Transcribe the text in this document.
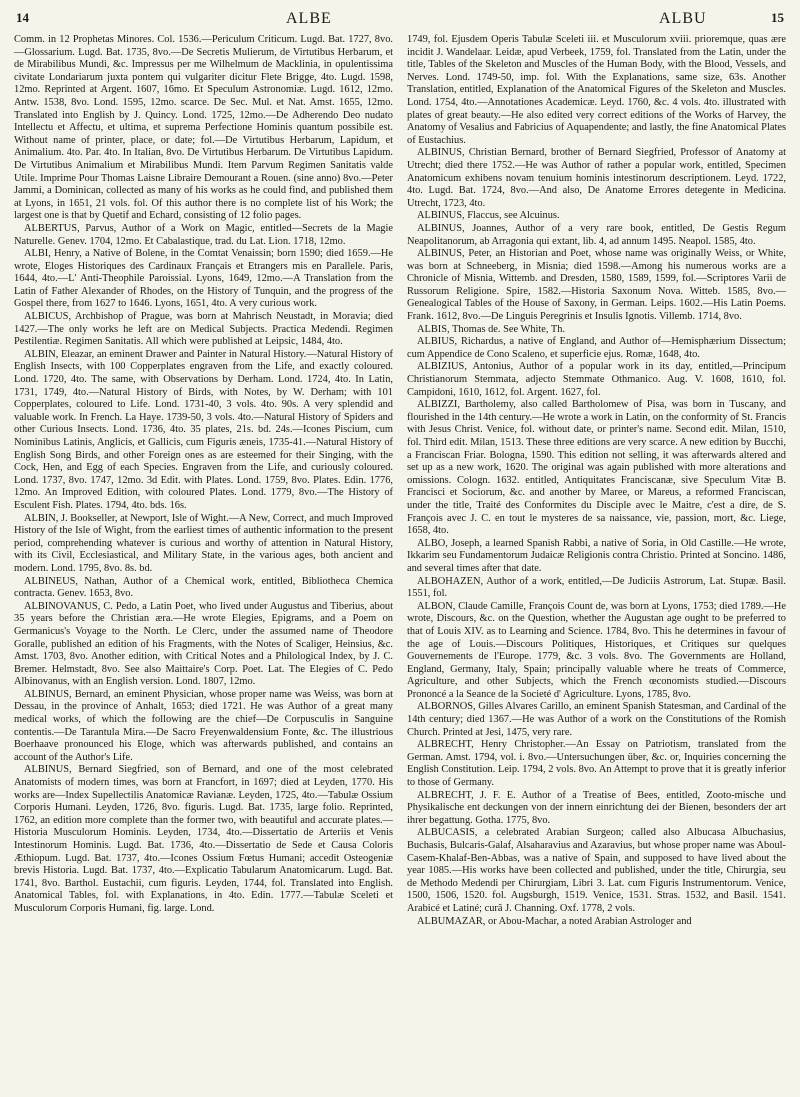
14	ALBE	ALBU	15

Comm. in 12 Prophetas Minores. Col. 1536.—Periculum Criticum. Lugd. Bat. 1727, 8vo.—Glossarium. Lugd. Bat. 1735, 8vo.—De Secretis Mulierum, de Virtutibus Herbarum, et de Mirabilibus Mundi, &c. Impressus per me Wilhelmum de Macklinia, in opulentissima civitate Londariarum juxta pontem qui vulgariter dicitur Flete Brigge, 4to. Lugd. 1598, 12mo. Reprinted at Argent. 1607, 16mo. Et Speculum Astronomiæ. Lugd. 1612, 12mo. Antw. 1538, 8vo. Lond. 1595, 12mo. scarce. De Sec. Mul. et Nat. Amst. 1655, 12mo. Translated into English by J. Quincy. Lond. 1725, 12mo.—De Adherendo Deo nudato Intellectu et Affectu, et ultima, et suprema Perfectione Hominis quantum possibile est. Without name of printer, place, or date; fol.—De Virtutibus Herbarum, Lapidum, et Animalium. 4to. Par. 4to. In Italian, 8vo. De Virtutibus Herbarum. De Virtutibus Lapidum. De Virtutibus Animalium et Mirabilibus Mundi. Item Parvum Regimen Sanitatis valde Utile. Imprime Pour Thomas Laisne Libraire Demourant a Rouen. (sine anno) 8vo.—Peter Jammi, a Dominican, collected as many of his works as he could find, and published them at Lyons, in 1651, 21 vols. fol. Of this author there is no complete list of his Work; the largest one is that by Quetif and Echard, consisting of 12 folio pages.

ALBERTUS, Parvus, Author of a Work on Magic, entitled—Secrets de la Magie Naturelle. Genev. 1704, 12mo. Et Cabalastique, trad. du Lat. Lion. 1718, 12mo.

ALBI, Henry, a Native of Bolene, in the Comtat Venaissin; born 1590; died 1659.—He wrote, Eloges Historiques des Cardinaux Français et Etrangers mis en Parallele. Paris, 1644, 4to.—L' Anti-Theophile Paroissial. Lyons, 1649, 12mo.—A Translation from the Latin of Father Alexander of Rhodes, on the History of Tunquin, and the progress of the Gospel there, from 1627 to 1646. Lyons, 1651, 4to. A very curious work.

ALBICUS, Archbishop of Prague, was born at Mahrisch Neustadt, in Moravia; died 1427.—The only works he left are on Medical Subjects. Practica Medendi. Regimen Pestilentiæ. Regimen Sanitatis. All which were published at Leipsic, 1484, 4to.

ALBIN, Eleazar, an eminent Drawer and Painter in Natural History.—Natural History of English Insects, with 100 Copperplates engraven from the Life, and exactly coloured. Lond. 1720, 4to. The same, with Observations by Derham. Lond. 1724, 4to. In Latin, 1731, 1749, 4to.—Natural History of Birds, with Notes, by W. Derham; with 101 Copperplates, coloured to Life. Lond. 1731-40, 3 vols. 4to. 90s. A very splendid and valuable work. In French. La Haye. 1739-50, 3 vols. 4to.—Natural History of Spiders and other Curious Insects. Lond. 1736, 4to. 35 plates, 21s. bd. 24s.—Icones Piscium, cum Nominibus Latinis, Anglicis, et Gallicis, cum Figuris æneis, 1735-41.—Natural History of English Song Birds, and other Foreign ones as are esteemed for their Singing, with the Cock, Hen, and Egg of each Species. Engraven from the Life, and curiously coloured. Lond. 1737, 8vo. 1747, 12mo. 3d Edit. with Plates. Lond. 1759, 8vo. Plates. Edin. 1776, 12mo. An Improved Edition, with coloured Plates. Lond. 1779, 8vo.—The History of Esculent Fish. Plates. 1794, 4to. bds. 16s.

ALBIN, J. Bookseller, at Newport, Isle of Wight.—A New, Correct, and much Improved History of the Isle of Wight, from the earliest times of authentic information to the present period, comprehending whatever is curious and worthy of attention in Natural History, with its Civil, Ecclesiastical, and Military State, in the various ages, both ancient and modern. Lond. 1795, 8vo. 8s. bd.

ALBINEUS, Nathan, Author of a Chemical work, entitled, Bibliotheca Chemica contracta. Genev. 1653, 8vo.

ALBINOVANUS, C. Pedo, a Latin Poet, who lived under Augustus and Tiberius, about 35 years before the Christian æra.—He wrote Elegies, Epigrams, and a Poem on Germanicus's Voyage to the North. Le Clerc, under the assumed name of Theodore Goralle, published an edition of his Fragments, with the Notes of Scaliger, Heinsius, &c. Amst. 1703, 8vo. Another edition, with Critical Notes and a Philological Index, by J. C. Bremer. Helmstadt, 8vo. See also Maittaire's Corp. Poet. Lat. The Elegies of C. Pedo Albinovanus, with an English version. Lond. 1807, 12mo.

ALBINUS, Bernard, an eminent Physician, whose proper name was Weiss, was born at Dessau, in the province of Anhalt, 1653; died 1721. He was Author of a great many medical works, of which the following are the chief—De Corpusculis in Sanguine contentis.—De Tarantula Mira.—De Sacro Freyenwaldensium Fonte, &c. The illustrious Boerhaave pronounced his Eloge, which was afterwards published, and contains an account of the Author's Life.

ALBINUS, Bernard Siegfried, son of Bernard, and one of the most celebrated Anatomists of modern times, was born at Francfort, in 1697; died at Leyden, 1770. His works are—Index Supellectilis Anatomicæ Ravianæ. Leyden, 1725, 4to.—Tabulæ Ossium Corporis Humani. Leyden, 1726, 8vo. figuris. Lugd. Bat. 1735, large folio. Reprinted, 1762, an edition more complete than the former two, with beautiful and accurate plates.—Historia Musculorum Hominis. Leyden, 1734, 4to.—Dissertatio de Arteriis et Venis Intestinorum Hominis. Lugd. Bat. 1736, 4to.—Dissertatio de Sede et Causa Coloris Æthiopum. Lugd. Bat. 1737, 4to.—Icones Ossium Fœtus Humani; accedit Osteogeniæ brevis Historia. Lugd. Bat. 1737, 4to.—Explicatio Tabularum Anatomicarum. Lugd. Bat. 1741, 8vo. Barthol. Eustachii, cum figuris. Leyden, 1744, fol. Translated into English. Anatomical Tables, fol. with Explanations, in 4to. Edin. 1777.—Tabulæ Sceleti et Musculorum Corporis Humani, fig. large. Lond.

1749, fol. Ejusdem Operis Tabulæ Sceleti iii. et Musculorum xviii. prioremque, quas ære incidit J. Wandelaar. Leidæ, apud Verbeek, 1759, fol. Translated from the Latin, under the title, Tables of the Skeleton and Muscles of the Human Body, with the Blood, Vessels, and Nerves. Lond. 1749-50, imp. fol. With the Explanations, same size, 63s. Another Translation, entitled, Explanation of the Anatomical Figures of the Skeleton and Muscles. Lond. 1754, 4to.—Annotationes Academicæ. Leyd. 1760, &c. 4 vols. 4to. illustrated with plates of great beauty.—He also edited very correct editions of the Works of Harvey, the Anatomy of Vesalius and Fabricius of Aquapendente; and lastly, the fine Anatomical Plates of Eustachius.

ALBINUS, Christian Bernard, brother of Bernard Siegfried, Professor of Anatomy at Utrecht; died there 1752.—He was Author of rather a popular work, entitled, Specimen Anatomicum exhibens novam tenuium hominis intestinorum descriptionem. Leyd. 1722, 4to. Lugd. Bat. 1724, 8vo.—And also, De Anatome Errores detegente in Medicina. Utrecht, 1723, 4to.

ALBINUS, Flaccus, see Alcuinus.

ALBINUS, Joannes, Author of a very rare book, entitled, De Gestis Regum Neapolitanorum, ab Arragonia qui extant, lib. 4, ad annum 1495. Neapol. 1585, 4to.

ALBINUS, Peter, an Historian and Poet, whose name was originally Weiss, or White, was born at Schneeberg, in Misnia; died 1598.—Among his numerous works are a Chronicle of Misnia, Wittemb. and Dresden, 1580, 1589, 1599, fol.—Scriptores Varii de Russorum Religione. Spire, 1582.—Historia Saxonum Nova. Witteb. 1585, 8vo.—Genealogical Tables of the House of Saxony, in German. Leips. 1602.—His Latin Poems. Frank. 1612, 8vo.—De Linguis Peregrinis et Insulis Ignotis. Villemb. 1714, 8vo.

ALBIS, Thomas de. See White, Th.

ALBIUS, Richardus, a native of England, and Author of—Hemisphærium Dissectum; cum Appendice de Cono Scaleno, et superficie ejus. Romæ, 1648, 4to.

ALBIZIUS, Antonius, Author of a popular work in its day, entitled,—Principum Christianorum Stemmata, adjecto Stemmate Othmanico. Aug. V. 1608, 1610, fol. Campidoni, 1610, 1612, fol. Argent. 1627, fol.

ALBIZZI, Bartholemy, also called Bartholomew of Pisa, was born in Tuscany, and flourished in the 14th century.—He wrote a work in Latin, on the conformity of St. Francis with Jesus Christ. Venice, fol. without date, or printer's name. Second edit. Milan, 1510, fol. Third edit. Milan, 1513. These three editions are very scarce. A new edition by Bucchi, a Franciscan Friar. Bologna, 1590. This edition not selling, it was afterwards altered and set up as a new work, 1620. The original was again published with more alterations and omissions. Cologn. 1632. entitled, Antiquitates Franciscanæ, sive Speculum Vitæ B. Francisci et Sociorum, &c. and another by Maree, or Mareus, a reformed Franciscan, under the title, Traité des Conformites du Disciple avec le Maitre, c'est a dire, de S. François avec J. C. en tout le mysteres de sa naissance, vie, passion, mort, &c. Liege, 1658, 4to.

ALBO, Joseph, a learned Spanish Rabbi, a native of Soria, in Old Castille.—He wrote, Ikkarim seu Fundamentorum Judaicæ Religionis contra Christio. Printed at Soncino. 1486, and several times after that date.

ALBOHAZEN, Author of a work, entitled,—De Judiciis Astrorum, Lat. Stupæ. Basil. 1551, fol.

ALBON, Claude Camille, François Count de, was born at Lyons, 1753; died 1789.—He wrote, Discours, &c. on the Question, whether the Augustan age ought to be preferred to that of Louis XIV. as to Learning and Science. 1784, 8vo. This he determines in favour of the age of Louis.—Discours Politiques, Historiques, et Critiques sur quelques Gouvernements de l'Europe. 1779, &c. 3 vols. 8vo. The Governments are Holland, England, Germany, Italy, Spain; principally valuable where he treats of Commerce, Agriculture, and other Subjects, which the French œconomists studied.—Discours Prononcé a la Seance de la Societé d' Agriculture. Lyons, 1785, 8vo.

ALBORNOS, Gilles Alvares Carillo, an eminent Spanish Statesman, and Cardinal of the 14th century; died 1367.—He was Author of a work on the Constitutions of the Romish Church. Printed at Jesi, 1475, very rare.

ALBRECHT, Henry Christopher.—An Essay on Patriotism, translated from the German. Amst. 1794, vol. i. 8vo.—Untersuchungen über, &c. or, Inquiries concerning the English Constitution. Leip. 1794, 2 vols. 8vo. An Attempt to prove that it is greatly inferior to those of Germany.

ALBRECHT, J. F. E. Author of a Treatise of Bees, entitled, Zooto-mische und Physikalische ent deckungen von der innern einrichtung dei der Bienen, besonders der art ihrer begattung. Gotha. 1775, 8vo.

ALBUCASIS, a celebrated Arabian Surgeon; called also Albucasa Albuchasius, Buchasis, Bulcaris-Galaf, Alsaharavius and Azaravius, but whose proper name was Aboul-Casem-Khalaf-Ben-Abbas, was a native of Spain, and supposed to have lived about the year 1085.—His works have been collected and published, under the title, Chirurgia, seu de Methodo Medendi per Chirurgiam, Libri 3. Lat. cum Figuris Instrumentorum. Venice, 1500, 1506, 1520. fol. Augsburgh, 1519. Venice, 1531. Stras. 1532, and Basil. 1541. Arabicé et Latiné; curâ J. Channing. Oxf. 1778, 2 vols.

ALBUMAZAR, or Abou-Machar, a noted Arabian Astrologer and
